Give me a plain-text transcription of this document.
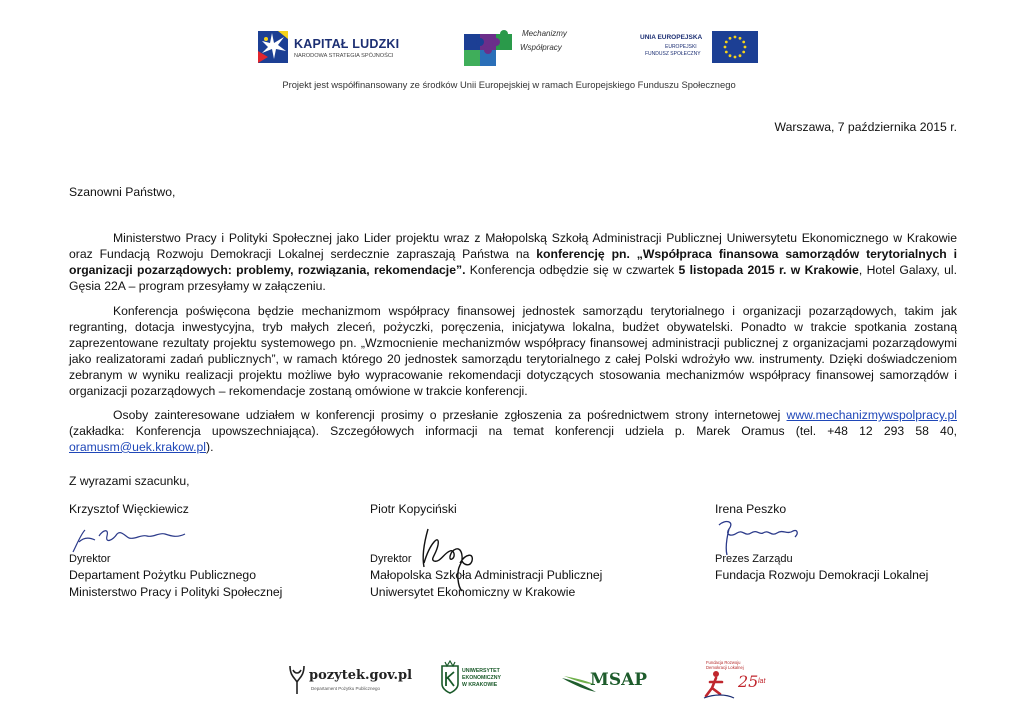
KAPITAŁ LUDZKI
NARODOWA STRATEGIA SPÓJNOŚCI
Mechanizmy
Współpracy
UNIA EUROPEJSKA
EUROPEJSKI
FUNDUSZ SPOŁECZNY
Projekt jest współfinansowany ze środków Unii Europejskiej w ramach Europejskiego Funduszu Społecznego
Warszawa, 7 października 2015 r.
Szanowni Państwo,
Ministerstwo Pracy i Polityki Społecznej jako Lider projektu wraz z Małopolską Szkołą Administracji Publicznej Uniwersytetu Ekonomicznego w Krakowie oraz Fundacją Rozwoju Demokracji Lokalnej serdecznie zapraszają Państwa na konferencję pn. „Współpraca finansowa samorządów terytorialnych i organizacji pozarządowych: problemy, rozwiązania, rekomendacje”. Konferencja odbędzie się w czwartek 5 listopada 2015 r. w Krakowie, Hotel Galaxy, ul. Gęsia 22A – program przesyłamy w załączeniu.
Konferencja poświęcona będzie mechanizmom współpracy finansowej jednostek samorządu terytorialnego i organizacji pozarządowych, takim jak regranting, dotacja inwestycyjna, tryb małych zleceń, pożyczki, poręczenia, inicjatywa lokalna, budżet obywatelski. Ponadto w trakcie spotkania zostaną zaprezentowane rezultaty projektu systemowego pn. „Wzmocnienie mechanizmów współpracy finansowej administracji publicznej z organizacjami pozarządowymi jako realizatorami zadań publicznych”, w ramach którego 20 jednostek samorządu terytorialnego z całej Polski wdrożyło ww. instrumenty. Dzięki doświadczeniom zebranym w wyniku realizacji projektu możliwe było wypracowanie rekomendacji dotyczących stosowania mechanizmów współpracy finansowej samorządów i organizacji pozarządowych – rekomendacje zostaną omówione w trakcie konferencji.
Osoby zainteresowane udziałem w konferencji prosimy o przesłanie zgłoszenia za pośrednictwem strony internetowej www.mechanizmywspolpracy.pl (zakładka: Konferencja upowszechniająca). Szczegółowych informacji na temat konferencji udziela p. Marek Oramus (tel. +48 12 293 58 40, oramusm@uek.krakow.pl).
Z wyrazami szacunku,
Krzysztof Więckiewicz
Dyrektor
Departament Pożytku Publicznego
Ministerstwo Pracy i Polityki Społecznej
Piotr Kopyciński
Dyrektor
Małopolska Szkoła Administracji Publicznej
Uniwersytet Ekonomiczny w Krakowie
Irena Peszko
Prezes Zarządu
Fundacja Rozwoju Demokracji Lokalnej
pozytek.gov.pl
Departament Pożytku Publicznego
UNIWERSYTET
EKONOMICZNY
W KRAKOWIE	MSAP
Fundacja Rozwoju
Demokracji Lokalnej
25 lat
